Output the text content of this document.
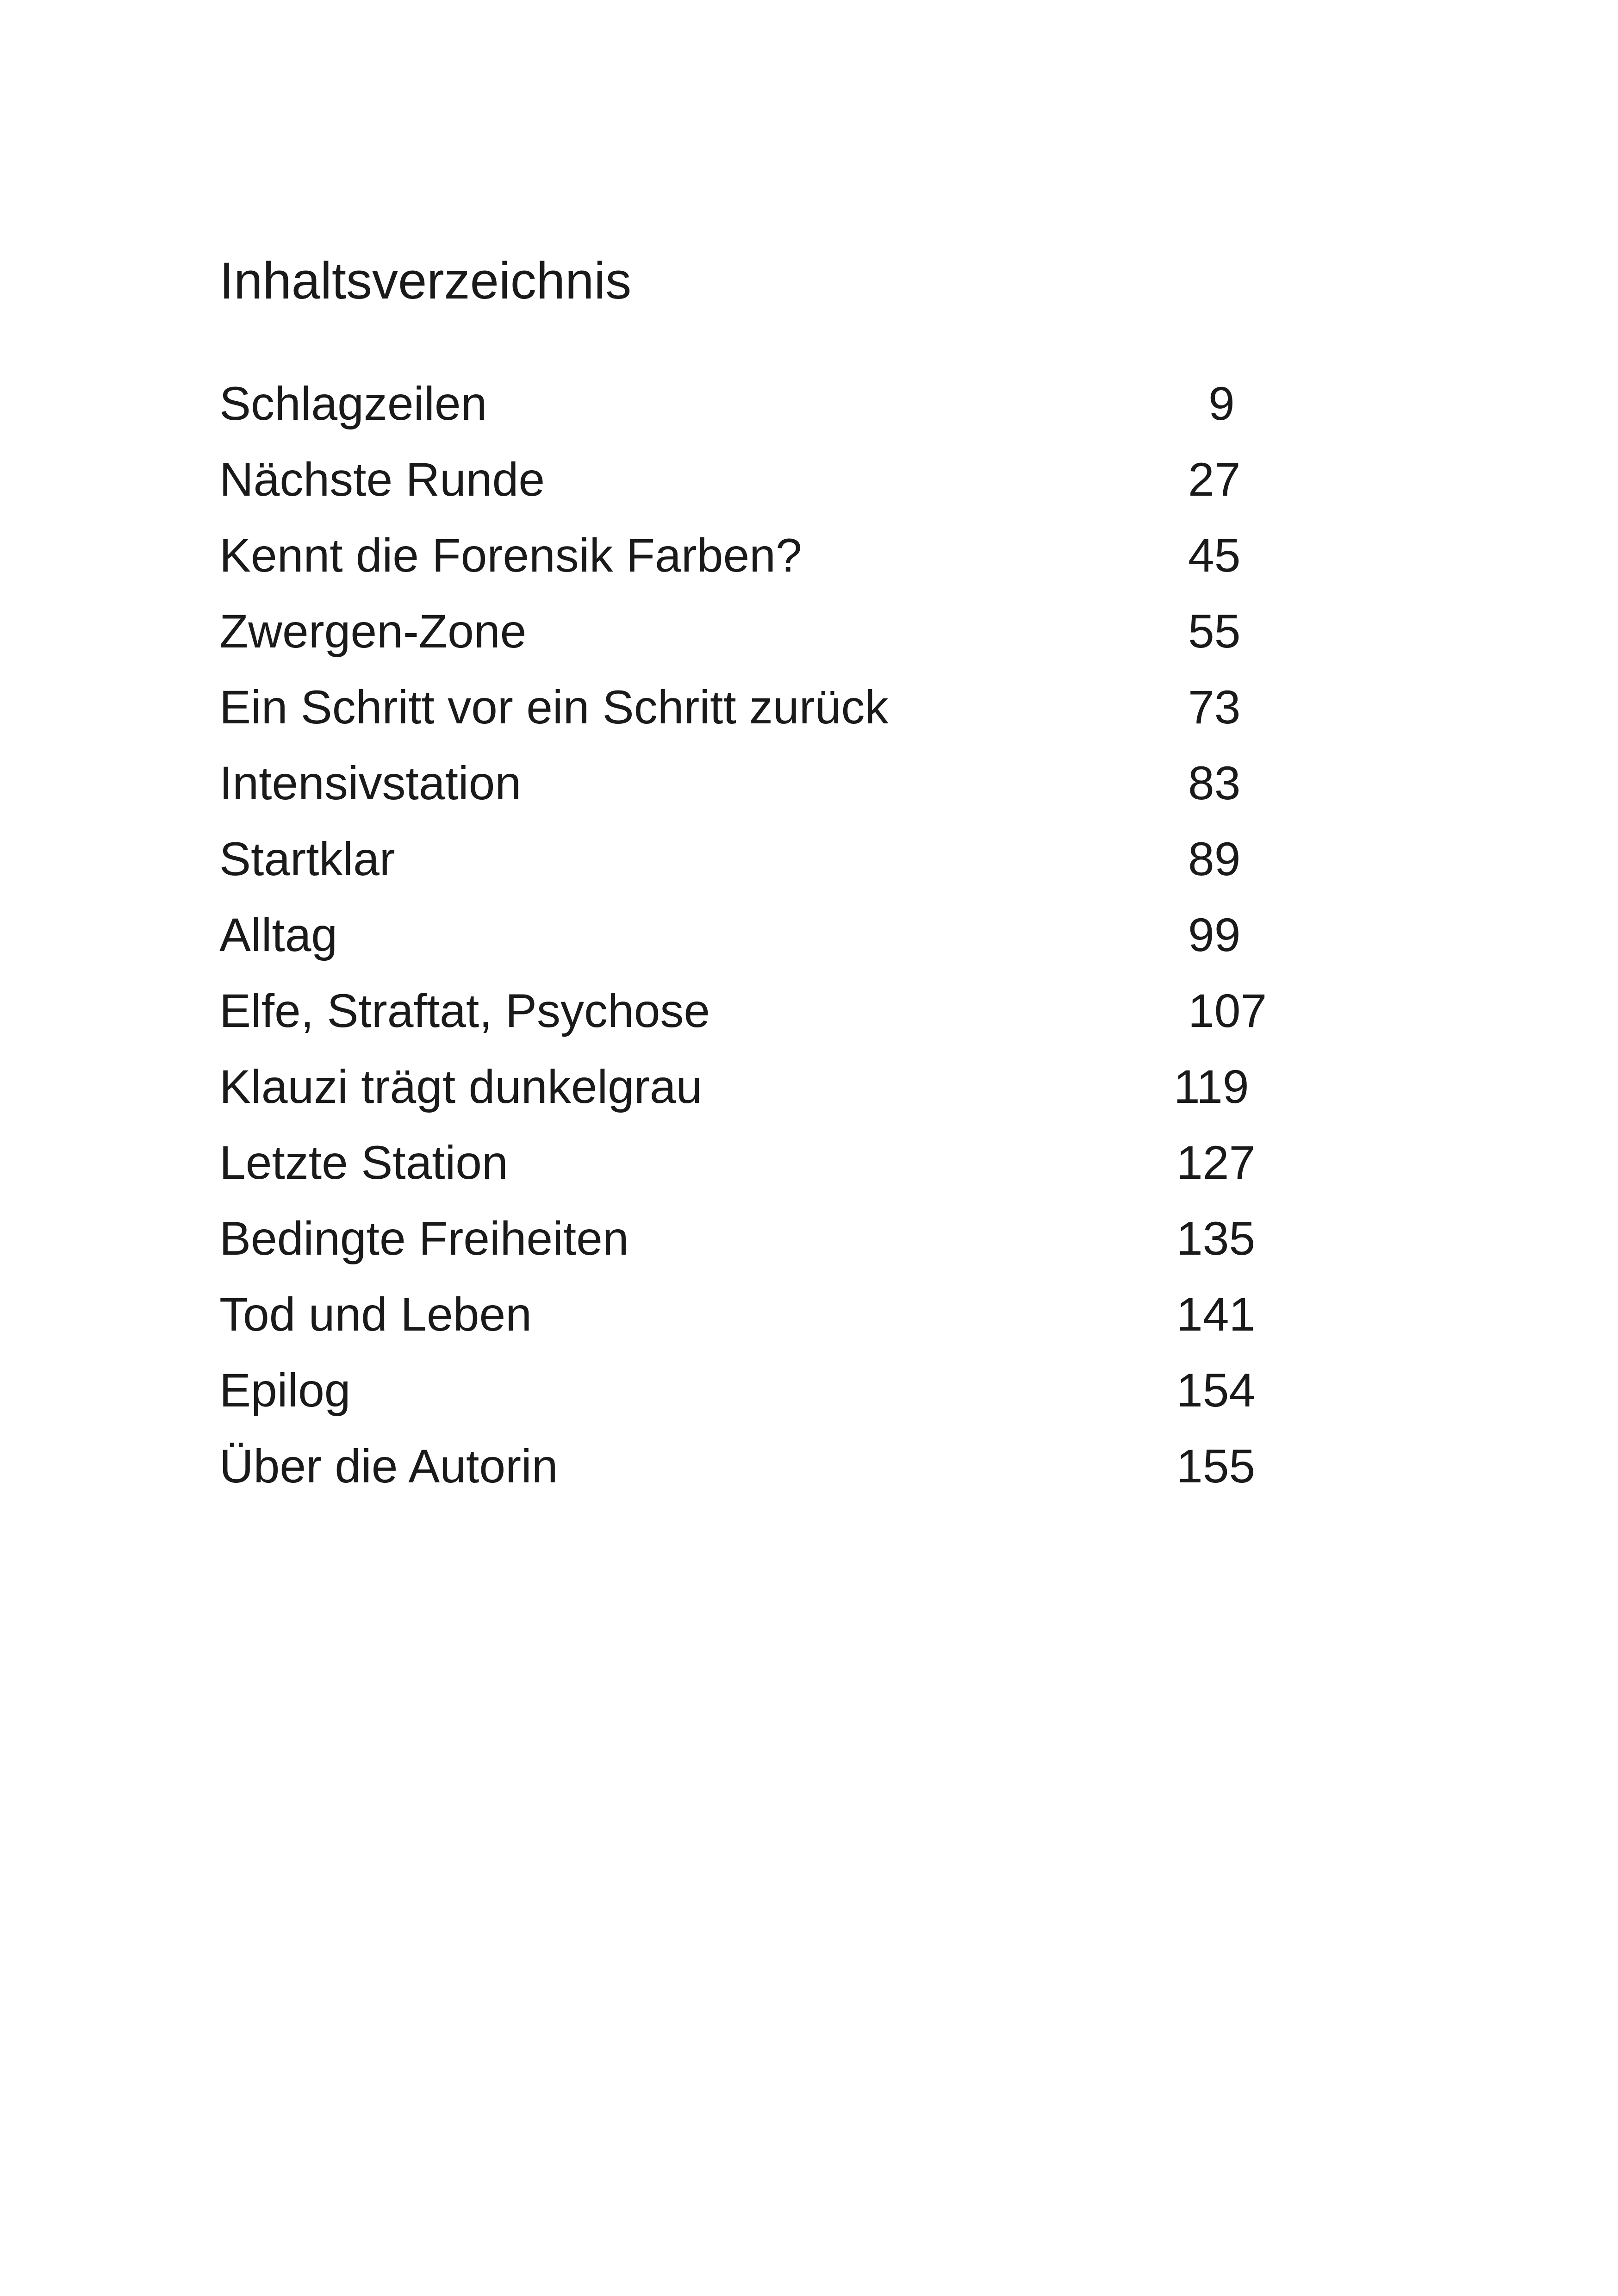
Inhaltsverzeichnis
Schlagzeilen	9
Nächste Runde	27
Kennt die Forensik Farben?	45
Zwergen-Zone	55
Ein Schritt vor ein Schritt zurück	73
Intensivstation	83
Startklar	89
Alltag	99
Elfe, Straftat, Psychose	107
Klauzi trägt dunkelgrau	119
Letzte Station	127
Bedingte Freiheiten	135
Tod und Leben	141
Epilog	154
Über die Autorin	155
